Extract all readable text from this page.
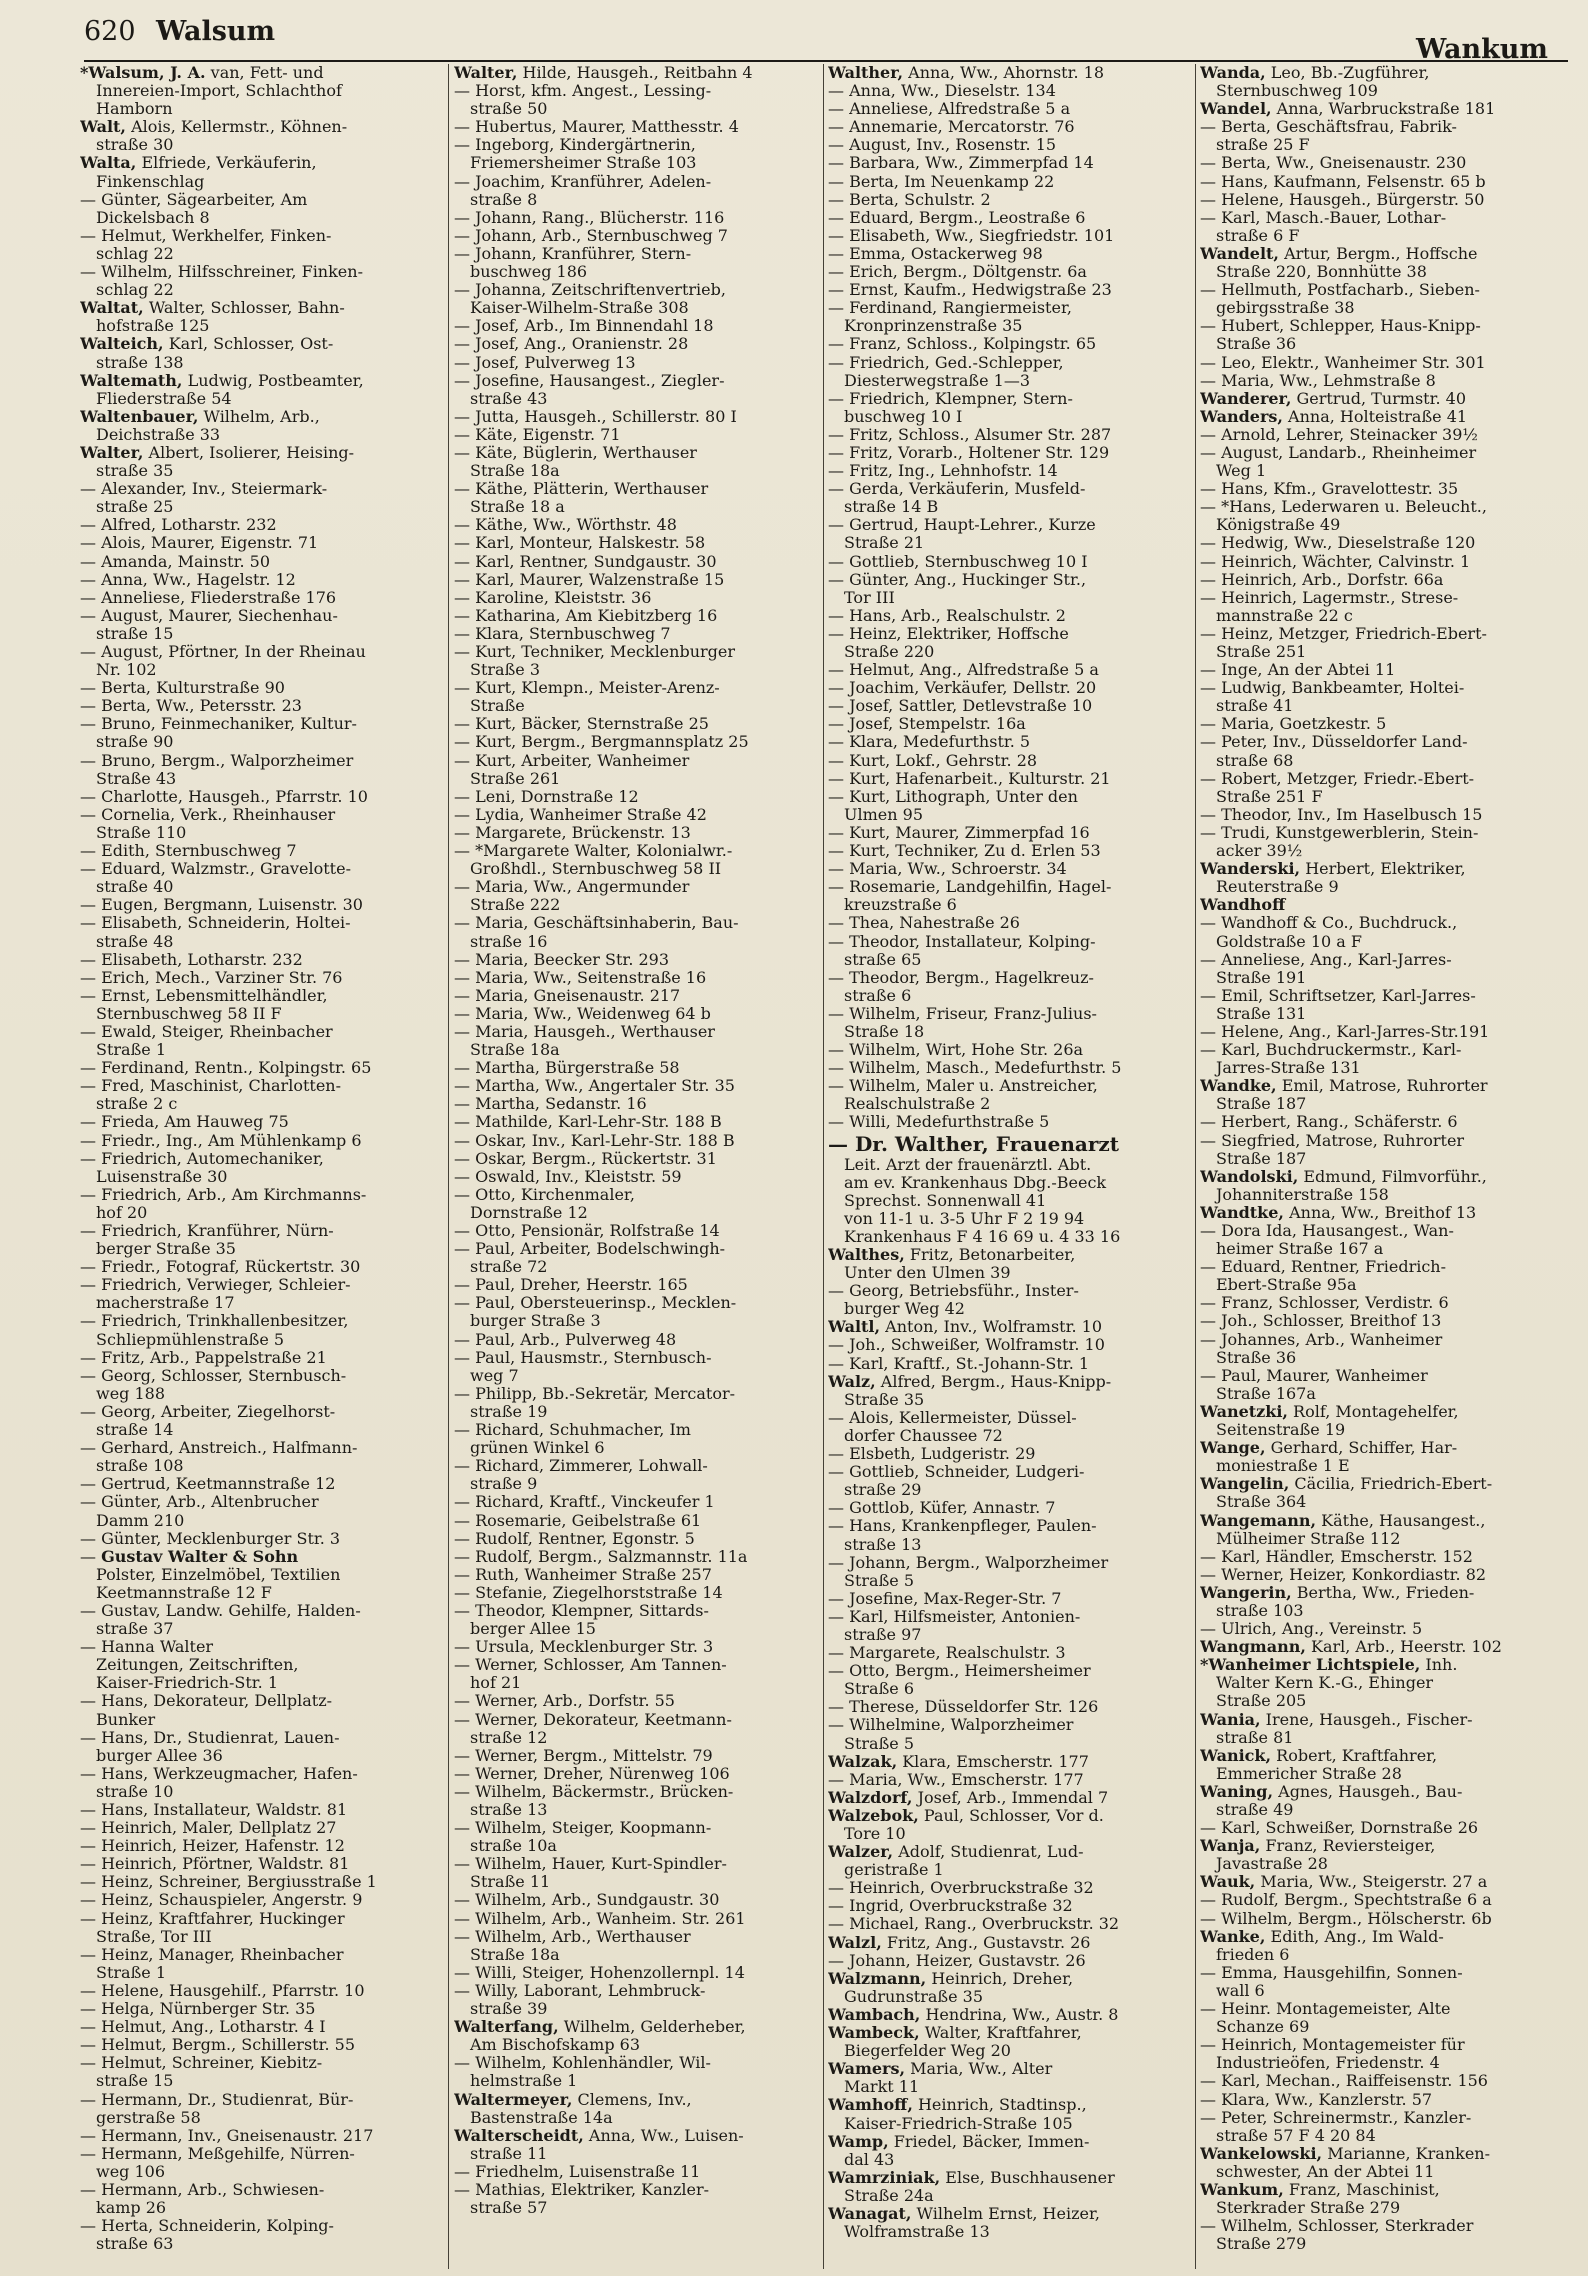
620 Walsum
Wankum
*Walsum, J. A. van, Fett- und
 Innereien-Import, Schlachthof
 Hamborn
Walt, Alois, Kellermstr., Köhnen-
 straße 30
Walta, Elfriede, Verkäuferin,
 Finkenschlag
— Günter, Sägearbeiter, Am
 Dickelsbach 8
— Helmut, Werkhelfer, Finken-
 schlag 22
— Wilhelm, Hilfsschreiner, Finken-
 schlag 22
Waltat, Walter, Schlosser, Bahn-
 hofstraße 125
Walteich, Karl, Schlosser, Ost-
 straße 138
Waltemath, Ludwig, Postbeamter,
 Fliederstraße 54
Waltenbauer, Wilhelm, Arb.,
 Deichstraße 33
Walter, Albert, Isolierer, Heising-
 straße 35
— Alexander, Inv., Steiermark-
 straße 25
— Alfred, Lotharstr. 232
— Alois, Maurer, Eigenstr. 71
— Amanda, Mainstr. 50
— Anna, Ww., Hagelstr. 12
— Anneliese, Fliederstraße 176
— August, Maurer, Siechenhau-
 straße 15
— August, Pförtner, In der Rheinau
 Nr. 102
— Berta, Kulturstraße 90
— Berta, Ww., Petersstr. 23
— Bruno, Feinmechaniker, Kultur-
 straße 90
— Bruno, Bergm., Walporzheimer
 Straße 43
— Charlotte, Hausgeh., Pfarrstr. 10
— Cornelia, Verk., Rheinhauser
 Straße 110
— Edith, Sternbuschweg 7
— Eduard, Walzmstr., Gravelotte-
 straße 40
— Eugen, Bergmann, Luisenstr. 30
— Elisabeth, Schneiderin, Holtei-
 straße 48
— Elisabeth, Lotharstr. 232
— Erich, Mech., Varziner Str. 76
— Ernst, Lebensmittelhändler,
 Sternbuschweg 58 II F
— Ewald, Steiger, Rheinbacher
 Straße 1
— Ferdinand, Rentn., Kolpingstr. 65
— Fred, Maschinist, Charlotten-
 straße 2 c
— Frieda, Am Hauweg 75
— Friedr., Ing., Am Mühlenkamp 6
— Friedrich, Automechaniker,
 Luisenstraße 30
— Friedrich, Arb., Am Kirchmanns-
 hof 20
— Friedrich, Kranführer, Nürn-
 berger Straße 35
— Friedr., Fotograf, Rückertstr. 30
— Friedrich, Verwieger, Schleier-
 macherstraße 17
— Friedrich, Trinkhallenbesitzer,
 Schliepmühlenstraße 5
— Fritz, Arb., Pappelstraße 21
— Georg, Schlosser, Sternbusch-
 weg 188
— Georg, Arbeiter, Ziegelhorst-
 straße 14
— Gerhard, Anstreich., Halfmann-
 straße 108
— Gertrud, Keetmannstraße 12
— Günter, Arb., Altenbrucher
 Damm 210
— Günter, Mecklenburger Str. 3
— Gustav Walter & Sohn
 Polster, Einzelmöbel, Textilien
 Keetmannstraße 12 F
— Gustav, Landw. Gehilfe, Halden-
 straße 37
— Hanna Walter
 Zeitungen, Zeitschriften,
 Kaiser-Friedrich-Str. 1
— Hans, Dekorateur, Dellplatz-
 Bunker
— Hans, Dr., Studienrat, Lauen-
 burger Allee 36
— Hans, Werkzeugmacher, Hafen-
 straße 10
— Hans, Installateur, Waldstr. 81
— Heinrich, Maler, Dellplatz 27
— Heinrich, Heizer, Hafenstr. 12
— Heinrich, Pförtner, Waldstr. 81
— Heinz, Schreiner, Bergiusstraße 1
— Heinz, Schauspieler, Angerstr. 9
— Heinz, Kraftfahrer, Huckinger
 Straße, Tor III
— Heinz, Manager, Rheinbacher
 Straße 1
— Helene, Hausgehilf., Pfarrstr. 10
— Helga, Nürnberger Str. 35
— Helmut, Ang., Lotharstr. 4 I
— Helmut, Bergm., Schillerstr. 55
— Helmut, Schreiner, Kiebitz-
 straße 15
— Hermann, Dr., Studienrat, Bür-
 gerstraße 58
— Hermann, Inv., Gneisenaustr. 217
— Hermann, Meßgehilfe, Nürren-
 weg 106
— Hermann, Arb., Schwiesen-
 kamp 26
— Herta, Schneiderin, Kolping-
 straße 63
Walter, Hilde, Hausgeh., Reitbahn 4
— Horst, kfm. Angest., Lessing-
 straße 50
— Hubertus, Maurer, Matthesstr. 4
— Ingeborg, Kindergärtnerin,
 Friemersheimer Straße 103
— Joachim, Kranführer, Adelen-
 straße 8
— Johann, Rang., Blücherstr. 116
— Johann, Arb., Sternbuschweg 7
— Johann, Kranführer, Stern-
 buschweg 186
— Johanna, Zeitschriftenvertrieb,
 Kaiser-Wilhelm-Straße 308
— Josef, Arb., Im Binnendahl 18
— Josef, Ang., Oranienstr. 28
— Josef, Pulverweg 13
— Josefine, Hausangest., Ziegler-
 straße 43
— Jutta, Hausgeh., Schillerstr. 80 I
— Käte, Eigenstr. 71
— Käte, Büglerin, Werthauser
 Straße 18a
— Käthe, Plätterin, Werthauser
 Straße 18 a
— Käthe, Ww., Wörthstr. 48
— Karl, Monteur, Halskestr. 58
— Karl, Rentner, Sundgaustr. 30
— Karl, Maurer, Walzenstraße 15
— Karoline, Kleiststr. 36
— Katharina, Am Kiebitzberg 16
— Klara, Sternbuschweg 7
— Kurt, Techniker, Mecklenburger
 Straße 3
— Kurt, Klempn., Meister-Arenz-
 Straße
— Kurt, Bäcker, Sternstraße 25
— Kurt, Bergm., Bergmannsplatz 25
— Kurt, Arbeiter, Wanheimer
 Straße 261
— Leni, Dornstraße 12
— Lydia, Wanheimer Straße 42
— Margarete, Brückenstr. 13
— *Margarete Walter, Kolonialwr.-
 Großhdl., Sternbuschweg 58 II
— Maria, Ww., Angermunder
 Straße 222
— Maria, Geschäftsinhaberin, Bau-
 straße 16
— Maria, Beecker Str. 293
— Maria, Ww., Seitenstraße 16
— Maria, Gneisenaustr. 217
— Maria, Ww., Weidenweg 64 b
— Maria, Hausgeh., Werthauser
 Straße 18a
— Martha, Bürgerstraße 58
— Martha, Ww., Angertaler Str. 35
— Martha, Sedanstr. 16
— Mathilde, Karl-Lehr-Str. 188 B
— Oskar, Inv., Karl-Lehr-Str. 188 B
— Oskar, Bergm., Rückertstr. 31
— Oswald, Inv., Kleiststr. 59
— Otto, Kirchenmaler,
 Dornstraße 12
— Otto, Pensionär, Rolfstraße 14
— Paul, Arbeiter, Bodelschwingh-
 straße 72
— Paul, Dreher, Heerstr. 165
— Paul, Obersteuerinsp., Mecklen-
 burger Straße 3
— Paul, Arb., Pulverweg 48
— Paul, Hausmstr., Sternbusch-
 weg 7
— Philipp, Bb.-Sekretär, Mercator-
 straße 19
— Richard, Schuhmacher, Im
 grünen Winkel 6
— Richard, Zimmerer, Lohwall-
 straße 9
— Richard, Kraftf., Vinckeufer 1
— Rosemarie, Geibelstraße 61
— Rudolf, Rentner, Egonstr. 5
— Rudolf, Bergm., Salzmannstr. 11a
— Ruth, Wanheimer Straße 257
— Stefanie, Ziegelhorststraße 14
— Theodor, Klempner, Sittards-
 berger Allee 15
— Ursula, Mecklenburger Str. 3
— Werner, Schlosser, Am Tannen-
 hof 21
— Werner, Arb., Dorfstr. 55
— Werner, Dekorateur, Keetmann-
 straße 12
— Werner, Bergm., Mittelstr. 79
— Werner, Dreher, Nürenweg 106
— Wilhelm, Bäckermstr., Brücken-
 straße 13
— Wilhelm, Steiger, Koopmann-
 straße 10a
— Wilhelm, Hauer, Kurt-Spindler-
 Straße 11
— Wilhelm, Arb., Sundgaustr. 30
— Wilhelm, Arb., Wanheim. Str. 261
— Wilhelm, Arb., Werthauser
 Straße 18a
— Willi, Steiger, Hohenzollernpl. 14
— Willy, Laborant, Lehmbruck-
 straße 39
Walterfang, Wilhelm, Gelderheber,
 Am Bischofskamp 63
— Wilhelm, Kohlenhändler, Wil-
 helmstraße 1
Waltermeyer, Clemens, Inv.,
 Bastenstraße 14a
Walterscheidt, Anna, Ww., Luisen-
 straße 11
— Friedhelm, Luisenstraße 11
— Mathias, Elektriker, Kanzler-
 straße 57
Walther, Anna, Ww., Ahornstr. 18
— Anna, Ww., Dieselstr. 134
— Anneliese, Alfredstraße 5 a
— Annemarie, Mercatorstr. 76
— August, Inv., Rosenstr. 15
— Barbara, Ww., Zimmerpfad 14
— Berta, Im Neuenkamp 22
— Berta, Schulstr. 2
— Eduard, Bergm., Leostraße 6
— Elisabeth, Ww., Siegfriedstr. 101
— Emma, Ostackerweg 98
— Erich, Bergm., Döltgenstr. 6a
— Ernst, Kaufm., Hedwigstraße 23
— Ferdinand, Rangiermeister,
 Kronprinzenstraße 35
— Franz, Schloss., Kolpingstr. 65
— Friedrich, Ged.-Schlepper,
 Diesterwegstraße 1—3
— Friedrich, Klempner, Stern-
 buschweg 10 I
— Fritz, Schloss., Alsumer Str. 287
— Fritz, Vorarb., Holtener Str. 129
— Fritz, Ing., Lehnhofstr. 14
— Gerda, Verkäuferin, Musfeld-
 straße 14 B
— Gertrud, Haupt-Lehrer., Kurze
 Straße 21
— Gottlieb, Sternbuschweg 10 I
— Günter, Ang., Huckinger Str.,
 Tor III
— Hans, Arb., Realschulstr. 2
— Heinz, Elektriker, Hoffsche
 Straße 220
— Helmut, Ang., Alfredstraße 5 a
— Joachim, Verkäufer, Dellstr. 20
— Josef, Sattler, Detlevstraße 10
— Josef, Stempelstr. 16a
— Klara, Medefurthstr. 5
— Kurt, Lokf., Gehrstr. 28
— Kurt, Hafenarbeit., Kulturstr. 21
— Kurt, Lithograph, Unter den
 Ulmen 95
— Kurt, Maurer, Zimmerpfad 16
— Kurt, Techniker, Zu d. Erlen 53
— Maria, Ww., Schroerstr. 34
— Rosemarie, Landgehilfin, Hagel-
 kreuzstraße 6
— Thea, Nahestraße 26
— Theodor, Installateur, Kolping-
 straße 65
— Theodor, Bergm., Hagelkreuz-
 straße 6
— Wilhelm, Friseur, Franz-Julius-
 Straße 18
— Wilhelm, Wirt, Hohe Str. 26a
— Wilhelm, Masch., Medefurthstr. 5
— Wilhelm, Maler u. Anstreicher,
 Realschulstraße 2
— Willi, Medefurthstraße 5
— Dr. Walther, Frauenarzt
 Leit. Arzt der frauenärztl. Abt.
 am ev. Krankenhaus Dbg.-Beeck
 Sprechst. Sonnenwall 41
 von 11-1 u. 3-5 Uhr F 2 19 94
 Krankenhaus F 4 16 69 u. 4 33 16
Walthes, Fritz, Betonarbeiter,
 Unter den Ulmen 39
— Georg, Betriebsführ., Inster-
 burger Weg 42
Waltl, Anton, Inv., Wolframstr. 10
— Joh., Schweißer, Wolframstr. 10
— Karl, Kraftf., St.-Johann-Str. 1
Walz, Alfred, Bergm., Haus-Knipp-
 Straße 35
— Alois, Kellermeister, Düssel-
 dorfer Chaussee 72
— Elsbeth, Ludgeristr. 29
— Gottlieb, Schneider, Ludgeri-
 straße 29
— Gottlob, Küfer, Annastr. 7
— Hans, Krankenpfleger, Paulen-
 straße 13
— Johann, Bergm., Walporzheimer
 Straße 5
— Josefine, Max-Reger-Str. 7
— Karl, Hilfsmeister, Antonien-
 straße 97
— Margarete, Realschulstr. 3
— Otto, Bergm., Heimersheimer
 Straße 6
— Therese, Düsseldorfer Str. 126
— Wilhelmine, Walporzheimer
 Straße 5
Walzak, Klara, Emscherstr. 177
— Maria, Ww., Emscherstr. 177
Walzdorf, Josef, Arb., Immendal 7
Walzebok, Paul, Schlosser, Vor d.
 Tore 10
Walzer, Adolf, Studienrat, Lud-
 geristraße 1
— Heinrich, Overbruckstraße 32
— Ingrid, Overbruckstraße 32
— Michael, Rang., Overbruckstr. 32
Walzl, Fritz, Ang., Gustavstr. 26
— Johann, Heizer, Gustavstr. 26
Walzmann, Heinrich, Dreher,
 Gudrunstraße 35
Wambach, Hendrina, Ww., Austr. 8
Wambeck, Walter, Kraftfahrer,
 Biegerfelder Weg 20
Wamers, Maria, Ww., Alter
 Markt 11
Wamhoff, Heinrich, Stadtinsp.,
 Kaiser-Friedrich-Straße 105
Wamp, Friedel, Bäcker, Immen-
 dal 43
Wamrziniak, Else, Buschhausener
 Straße 24a
Wanagat, Wilhelm Ernst, Heizer,
 Wolframstraße 13
Wanda, Leo, Bb.-Zugführer,
 Sternbuschweg 109
Wandel, Anna, Warbruckstraße 181
— Berta, Geschäftsfrau, Fabrik-
 straße 25 F
— Berta, Ww., Gneisenaustr. 230
— Hans, Kaufmann, Felsenstr. 65 b
— Helene, Hausgeh., Bürgerstr. 50
— Karl, Masch.-Bauer, Lothar-
 straße 6 F
Wandelt, Artur, Bergm., Hoffsche
 Straße 220, Bonnhütte 38
— Hellmuth, Postfacharb., Sieben-
 gebirgsstraße 38
— Hubert, Schlepper, Haus-Knipp-
 Straße 36
— Leo, Elektr., Wanheimer Str. 301
— Maria, Ww., Lehmstraße 8
Wanderer, Gertrud, Turmstr. 40
Wanders, Anna, Holteistraße 41
— Arnold, Lehrer, Steinacker 39½
— August, Landarb., Rheinheimer
 Weg 1
— Hans, Kfm., Gravelottestr. 35
— *Hans, Lederwaren u. Beleucht.,
 Königstraße 49
— Hedwig, Ww., Dieselstraße 120
— Heinrich, Wächter, Calvinstr. 1
— Heinrich, Arb., Dorfstr. 66a
— Heinrich, Lagermstr., Strese-
 mannstraße 22 c
— Heinz, Metzger, Friedrich-Ebert-
 Straße 251
— Inge, An der Abtei 11
— Ludwig, Bankbeamter, Holtei-
 straße 41
— Maria, Goetzkestr. 5
— Peter, Inv., Düsseldorfer Land-
 straße 68
— Robert, Metzger, Friedr.-Ebert-
 Straße 251 F
— Theodor, Inv., Im Haselbusch 15
— Trudi, Kunstgewerblerin, Stein-
 acker 39½
Wanderski, Herbert, Elektriker,
 Reuterstraße 9
Wandhoff
— Wandhoff & Co., Buchdruck.,
 Goldstraße 10 a F
— Anneliese, Ang., Karl-Jarres-
 Straße 191
— Emil, Schriftsetzer, Karl-Jarres-
 Straße 131
— Helene, Ang., Karl-Jarres-Str.191
— Karl, Buchdruckermstr., Karl-
 Jarres-Straße 131
Wandke, Emil, Matrose, Ruhrorter
 Straße 187
— Herbert, Rang., Schäferstr. 6
— Siegfried, Matrose, Ruhrorter
 Straße 187
Wandolski, Edmund, Filmvorführ.,
 Johanniterstraße 158
Wandtke, Anna, Ww., Breithof 13
— Dora Ida, Hausangest., Wan-
 heimer Straße 167 a
— Eduard, Rentner, Friedrich-
 Ebert-Straße 95a
— Franz, Schlosser, Verdistr. 6
— Joh., Schlosser, Breithof 13
— Johannes, Arb., Wanheimer
 Straße 36
— Paul, Maurer, Wanheimer
 Straße 167a
Wanetzki, Rolf, Montagehelfer,
 Seitenstraße 19
Wange, Gerhard, Schiffer, Har-
 moniestraße 1 E
Wangelin, Cäcilia, Friedrich-Ebert-
 Straße 364
Wangemann, Käthe, Hausangest.,
 Mülheimer Straße 112
— Karl, Händler, Emscherstr. 152
— Werner, Heizer, Konkordiastr. 82
Wangerin, Bertha, Ww., Frieden-
 straße 103
— Ulrich, Ang., Vereinstr. 5
Wangmann, Karl, Arb., Heerstr. 102
*Wanheimer Lichtspiele, Inh.
 Walter Kern K.-G., Ehinger
 Straße 205
Wania, Irene, Hausgeh., Fischer-
 straße 81
Wanick, Robert, Kraftfahrer,
 Emmericher Straße 28
Waning, Agnes, Hausgeh., Bau-
 straße 49
— Karl, Schweißer, Dornstraße 26
Wanja, Franz, Reviersteiger,
 Javastraße 28
Wauk, Maria, Ww., Steigerstr. 27 a
— Rudolf, Bergm., Spechtstraße 6 a
— Wilhelm, Bergm., Hölscherstr. 6b
Wanke, Edith, Ang., Im Wald-
 frieden 6
— Emma, Hausgehilfin, Sonnen-
 wall 6
— Heinr. Montagemeister, Alte
 Schanze 69
— Heinrich, Montagemeister für
 Industrieöfen, Friedenstr. 4
— Karl, Mechan., Raiffeisenstr. 156
— Klara, Ww., Kanzlerstr. 57
— Peter, Schreinermstr., Kanzler-
 straße 57 F 4 20 84
Wankelowski, Marianne, Kranken-
 schwester, An der Abtei 11
Wankum, Franz, Maschinist,
 Sterkrader Straße 279
— Wilhelm, Schlosser, Sterkrader
 Straße 279
